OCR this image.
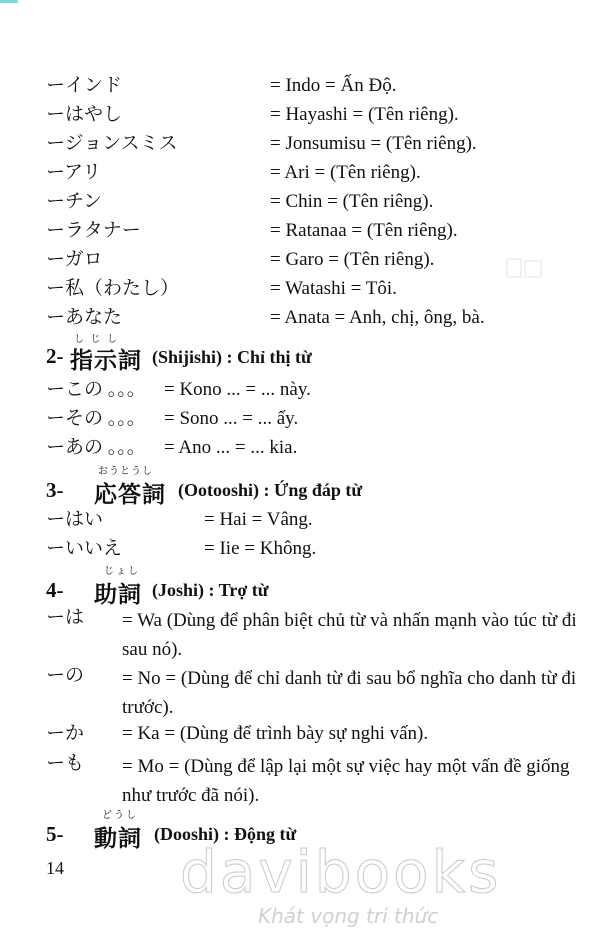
ーインド	= Indo = Ấn Độ.
ーはやし	= Hayashi = (Tên riêng).
ージョンスミス	= Jonsumisu = (Tên riêng).
ーアリ	= Ari = (Tên riêng).
ーチン	= Chin = (Tên riêng).
ーラタナー	= Ratanaa = (Tên riêng).
ーガロ	= Garo = (Tên riêng).
ー私（わたし）	= Watashi = Tôi.
ーあなた	= Anata = Anh, chị, ông, bà.
2-
し じ し
指示詞 (Shijishi) : Chỉ thị từ
ーこの ｡｡｡ = Kono ... = ... này.
ーその ｡｡｡ = Sono ... = ... ấy.
ーあの ｡｡｡ = Ano ... = ... kia.
3-
おうとうし
応答詞 (Ootooshi) : Ứng đáp từ
ーはい	= Hai = Vâng.
ーいいえ	= Iie = Không.
4-
じょし
助詞 (Joshi) : Trợ từ
ーは = Wa (Dùng để phân biệt chủ từ và nhấn mạnh vào túc từ đi sau nó).
ーの = No = (Dùng để chỉ danh từ đi sau bổ nghĩa cho danh từ đi trước).
ーか = Ka = (Dùng để trình bày sự nghi vấn).
ーも = Mo = (Dùng để lập lại một sự việc hay một vấn đề giống như trước đã nói).
5-
どうし
動詞 (Dooshi) : Động từ
14 davibooks
Khát vọng tri thức
